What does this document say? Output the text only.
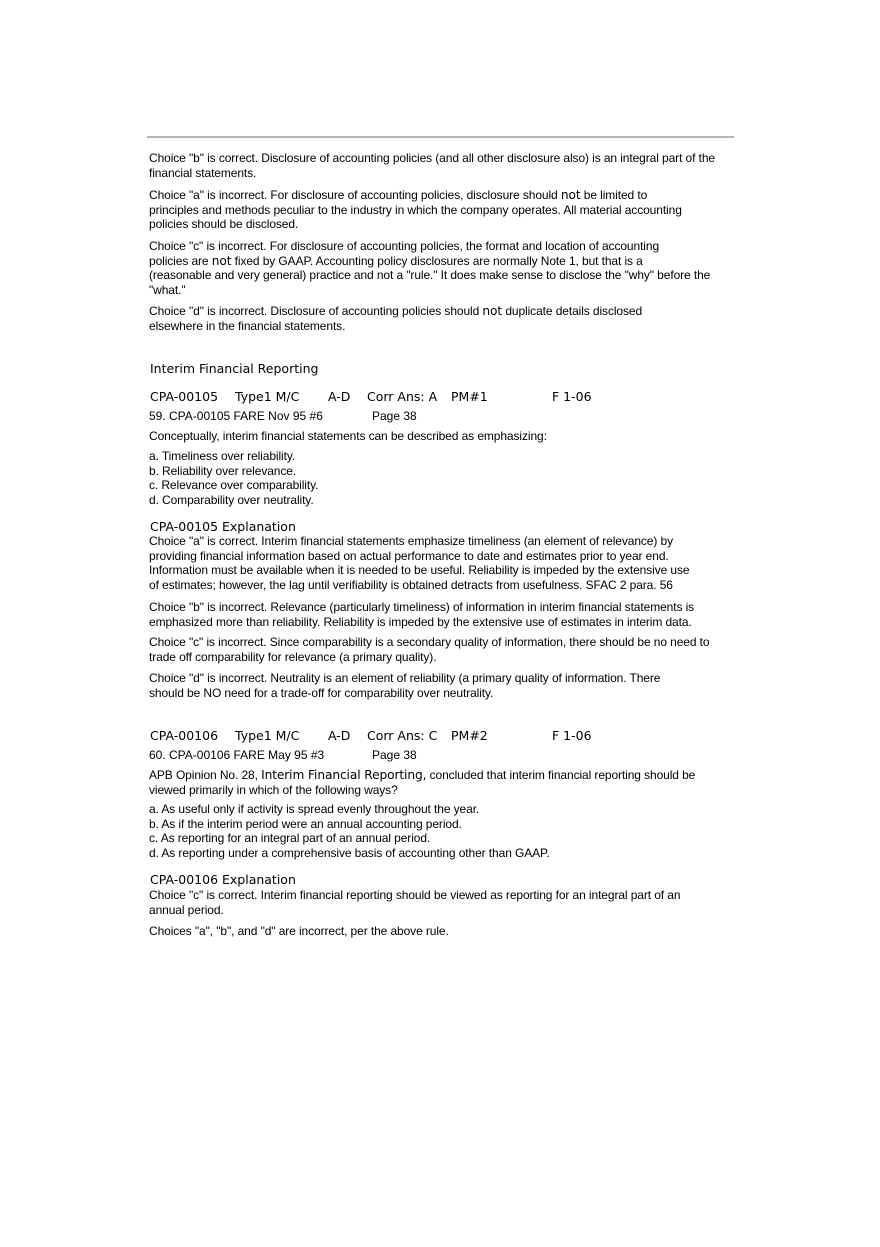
Choice "b" is correct. Disclosure of accounting policies (and all other disclosure also) is an integral part of the
financial statements.
Choice "a" is incorrect. For disclosure of accounting policies, disclosure should not be limited to
principles and methods peculiar to the industry in which the company operates. All material accounting
policies should be disclosed.
Choice "c" is incorrect. For disclosure of accounting policies, the format and location of accounting
policies are not fixed by GAAP. Accounting policy disclosures are normally Note 1, but that is a
(reasonable and very general) practice and not a "rule." It does make sense to disclose the "why" before the
"what."
Choice "d" is incorrect. Disclosure of accounting policies should not duplicate details disclosed
elsewhere in the financial statements.
Interim Financial Reporting
CPA-00105 Type1 M/C A-D Corr Ans: A PM#1	F 1-06
59. CPA-00105 FARE Nov 95 #6	Page 38
Conceptually, interim financial statements can be described as emphasizing:
a. Timeliness over reliability.
b. Reliability over relevance.
c. Relevance over comparability.
d. Comparability over neutrality.
CPA-00105 Explanation
Choice "a" is correct. Interim financial statements emphasize timeliness (an element of relevance) by
providing financial information based on actual performance to date and estimates prior to year end.
Information must be available when it is needed to be useful. Reliability is impeded by the extensive use
of estimates; however, the lag until verifiability is obtained detracts from usefulness. SFAC 2 para. 56
Choice "b" is incorrect. Relevance (particularly timeliness) of information in interim financial statements is
emphasized more than reliability. Reliability is impeded by the extensive use of estimates in interim data.
Choice "c" is incorrect. Since comparability is a secondary quality of information, there should be no need to
trade off comparability for relevance (a primary quality).
Choice "d" is incorrect. Neutrality is an element of reliability (a primary quality of information. There
should be NO need for a trade-off for comparability over neutrality.
CPA-00106 Type1 M/C A-D Corr Ans: C PM#2	F 1-06
60. CPA-00106 FARE May 95 #3	Page 38
APB Opinion No. 28, Interim Financial Reporting, concluded that interim financial reporting should be
viewed primarily in which of the following ways?
a. As useful only if activity is spread evenly throughout the year.
b. As if the interim period were an annual accounting period.
c. As reporting for an integral part of an annual period.
d. As reporting under a comprehensive basis of accounting other than GAAP.
CPA-00106 Explanation
Choice "c" is correct. Interim financial reporting should be viewed as reporting for an integral part of an
annual period.
Choices "a", "b", and "d" are incorrect, per the above rule.
